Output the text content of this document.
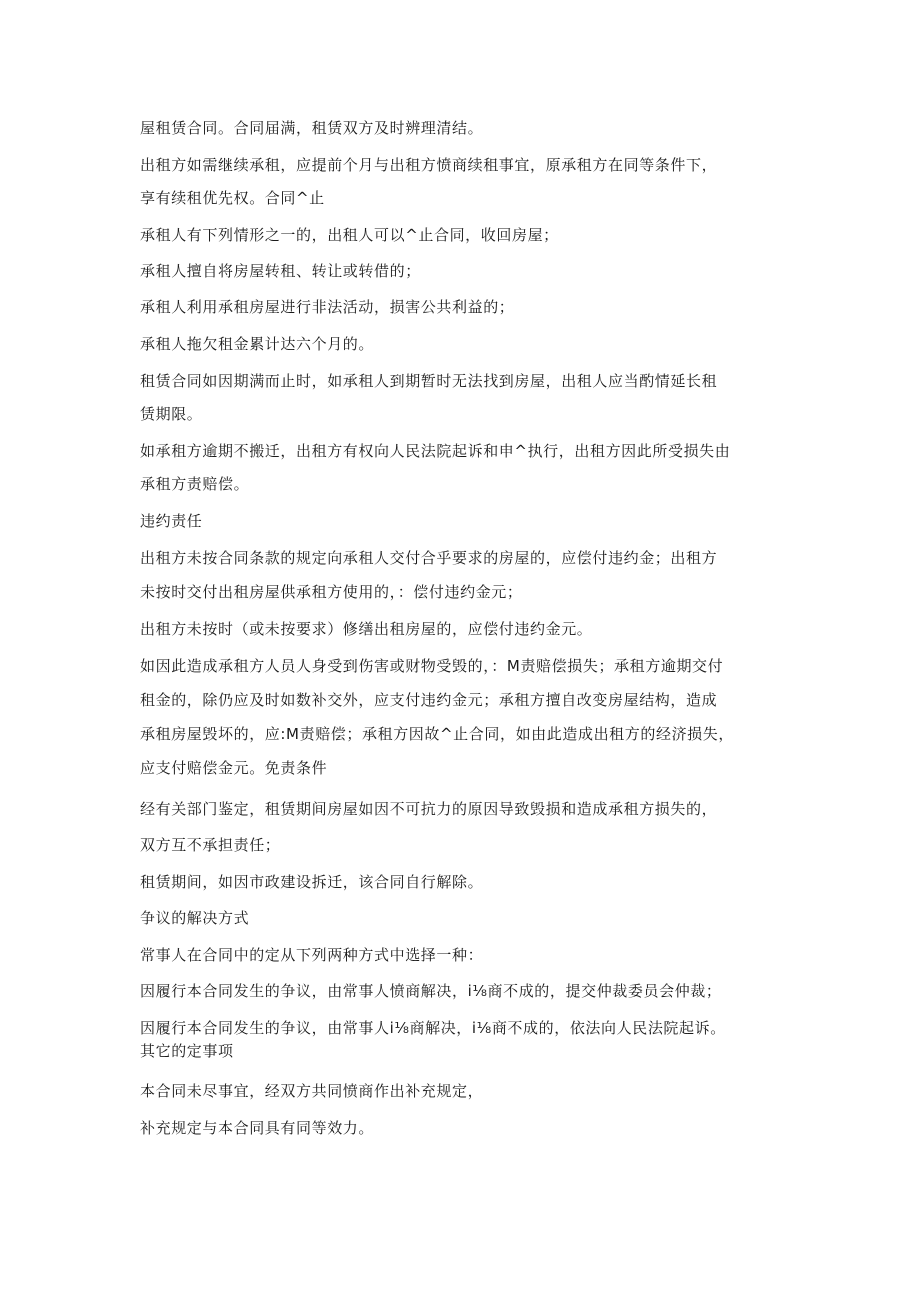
屋租赁合同。合同届满，租赁双方及时辨理清结。
出租方如需继续承租，应提前个月与出租方愤商续租事宜，原承租方在同等条件下，
享有续租优先权。合同^止
承租人有下列情形之一的，出租人可以^止合同，收回房屋；
承租人擅自将房屋转租、转让或转借的；
承租人利用承租房屋进行非法活动，损害公共利益的；
承租人拖欠租金累计达六个月的。
租赁合同如因期满而止时，如承租人到期暂时无法找到房屋，出租人应当酌情延长租
赁期限。
如承租方逾期不搬迁，出租方有权向人民法院起诉和申^执行，出租方因此所受损失由
承租方责赔偿。
违约责任
出租方未按合同条款的规定向承租人交付合乎要求的房屋的，应偿付违约金；出租方
未按时交付出租房屋供承租方使用的，：偿付违约金元；
出租方未按时（或未按要求）修缮出租房屋的，应偿付违约金元。
如因此造成承租方人员人身受到伤害或财物受毁的，：M责赔偿损失；承租方逾期交付
租金的，除仍应及时如数补交外，应支付违约金元；承租方擅自改变房屋结构，造成
承租房屋毁坏的，应:M责赔偿；承租方因故^止合同，如由此造成出租方的经济损失，
应支付赔偿金元。免责条件
经有关部门鉴定，租赁期间房屋如因不可抗力的原因导致毁损和造成承租方损失的，
双方互不承担责任；
租赁期间，如因市政建设拆迁，该合同自行解除。
争议的解决方式
常事人在合同中的定从下列两种方式中选择一种：
因履行本合同发生的争议，由常事人愤商解决，i⅛商不成的，提交仲裁委员会仲裁；
因履行本合同发生的争议，由常事人i⅛商解决，i⅛商不成的，依法向人民法院起诉。
其它的定事项
本合同未尽事宜，经双方共同愤商作出补充规定，
补充规定与本合同具有同等效力。
